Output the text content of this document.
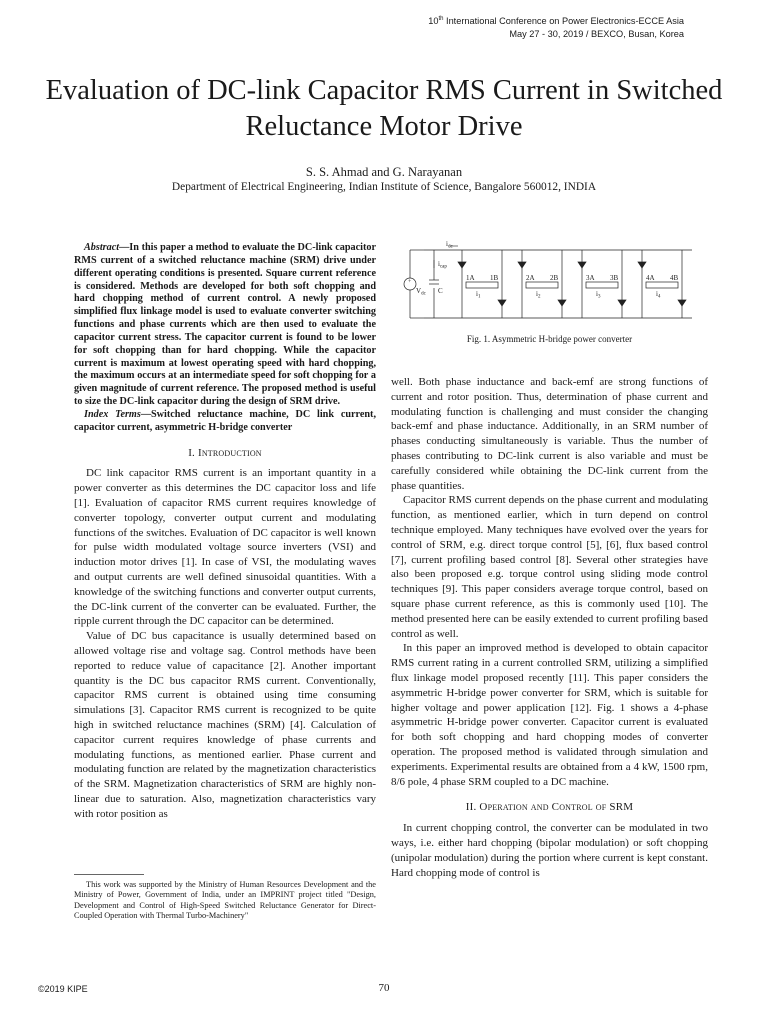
10th International Conference on Power Electronics-ECCE Asia
May 27 - 30, 2019 / BEXCO, Busan, Korea
Evaluation of DC-link Capacitor RMS Current in Switched Reluctance Motor Drive
S. S. Ahmad and G. Narayanan
Department of Electrical Engineering, Indian Institute of Science, Bangalore 560012, INDIA

Abstract—In this paper a method to evaluate the DC-link capacitor RMS current of a switched reluctance machine (SRM) drive under different operating conditions is presented. Square current reference is considered. Methods are developed for both soft chopping and hard chopping method of current control. A newly proposed simplified flux linkage model is used to evaluate converter switching functions and phase currents which are then used to evaluate the capacitor current stress. The capacitor current is found to be lower for soft chopping than for hard chopping. While the capacitor current is maximum at lowest operating speed with hard chopping, the maximum occurs at an intermediate speed for soft chopping for a given magnitude of current reference. The proposed method is useful to size the DC-link capacitor during the design of SRM drive.

Index Terms—Switched reluctance machine, DC link current, capacitor current, asymmetric H-bridge converter

I. Introduction

DC link capacitor RMS current is an important quantity in a power converter as this determines the DC capacitor loss and life [1]. Evaluation of capacitor RMS current requires knowledge of converter topology, converter output current and modulating functions of the switches. Evaluation of DC capacitor is well known for pulse width modulated voltage source inverters (VSI) and induction motor drives [1]. In case of VSI, the modulating waves and output currents are well defined sinusoidal quantities. With a knowledge of the switching functions and converter output currents, the DC-link current of the converter can be evaluated. Further, the ripple current through the DC capacitor can be determined.

Value of DC bus capacitance is usually determined based on allowed voltage rise and voltage sag. Control methods have been reported to reduce value of capacitance [2]. Another important quantity is the DC bus capacitor RMS current. Conventionally, capacitor RMS current is obtained using time consuming simulations [3]. Capacitor RMS current is recognized to be quite high in switched reluctance machines (SRM) [4]. Calculation of capacitor current requires knowledge of phase currents and modulating functions, as mentioned earlier. Phase current and modulating function are related by the magnetization characteristics of the SRM. Magnetization characteristics of SRM are highly non-linear due to saturation. Also, magnetization characteristics vary with rotor position as

This work was supported by the Ministry of Human Resources Development and the Ministry of Power, Government of India, under an IMPRINT project titled "Design, Development and Control of High-Speed Switched Reluctance Generator for Direct-Coupled Operation with Thermal Turbo-Machinery"
+
$i_{dc}$
$i_{cap}$
$V_{dc}$ C
1A 1B
$i_1$
2A 2B
$i_2$
3A 3B
$i_3$
4A 4B
$i_4$
Fig. 1. Asymmetric H-bridge power converter

well. Both phase inductance and back-emf are strong functions of current and rotor position. Thus, determination of phase current and modulating function is challenging and must consider the changing back-emf and phase inductance. Additionally, in an SRM number of phases conducting simultaneously is variable. Thus the number of phases contributing to DC-link current is also variable and must be carefully considered while obtaining the DC-link current from the phase quantities.

Capacitor RMS current depends on the phase current and modulating function, as mentioned earlier, which in turn depend on control technique employed. Many techniques have evolved over the years for control of SRM, e.g. direct torque control [5], [6], flux based control [7], current profiling based control [8]. Several other strategies have also been proposed e.g. torque control using sliding mode control techniques [9]. This paper considers average torque control, based on square phase current reference, as this is commonly used [10]. The method presented here can be easily extended to current profiling based control as well.

In this paper an improved method is developed to obtain capacitor RMS current rating in a current controlled SRM, utilizing a simplified flux linkage model proposed recently [11]. This paper considers the asymmetric H-bridge power converter for SRM, which is suitable for higher voltage and power application [12]. Fig. 1 shows a 4-phase asymmetric H-bridge power converter. Capacitor current is evaluated for both soft chopping and hard chopping modes of converter operation. The proposed method is validated through simulation and experiments. Experimental results are obtained from a 4 kW, 1500 rpm, 8/6 pole, 4 phase SRM coupled to a DC machine.

II. Operation and Control of SRM

In current chopping control, the converter can be modulated in two ways, i.e. either hard chopping (bipolar modulation) or soft chopping (unipolar modulation) during the portion where current is kept constant. Hard chopping mode of control is

©2019 KIPE	70
